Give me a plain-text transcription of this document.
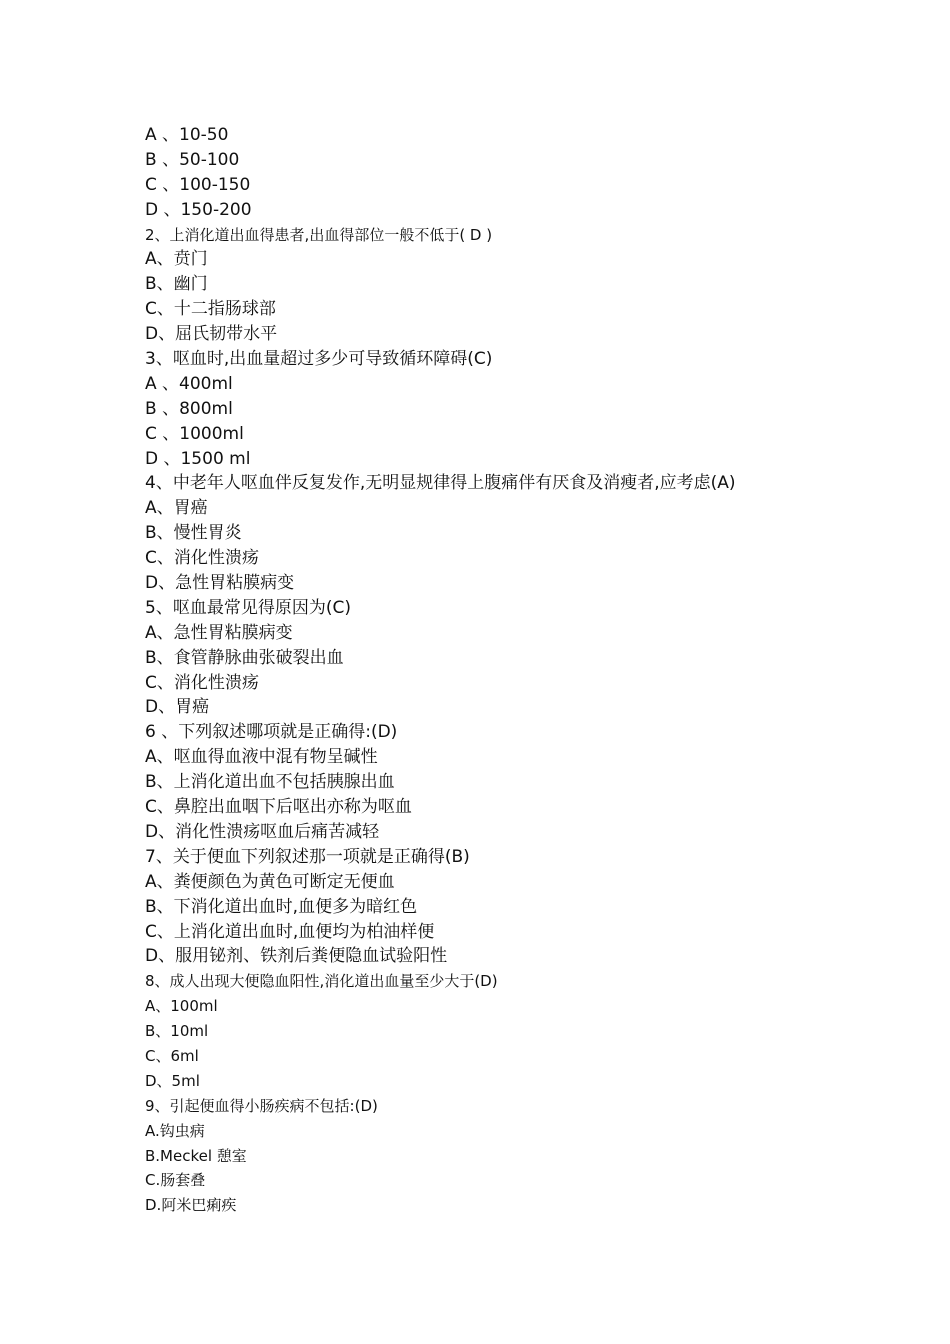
A 、10-50
B 、50-100
C 、100-150
D 、150-200
2、上消化道出血得患者,出血得部位一般不低于( D )
A、贲门
B、幽门
C、十二指肠球部
D、屈氏韧带水平
3、呕血时,出血量超过多少可导致循环障碍(C)
A 、400ml
B 、800ml
C 、1000ml
D 、1500 ml
4、中老年人呕血伴反复发作,无明显规律得上腹痛伴有厌食及消瘦者,应考虑(A)
A、胃癌
B、慢性胃炎
C、消化性溃疡
D、急性胃粘膜病变
5、呕血最常见得原因为(C)
A、急性胃粘膜病变
B、食管静脉曲张破裂出血
C、消化性溃疡
D、胃癌
6 、下列叙述哪项就是正确得:(D)
A、呕血得血液中混有物呈碱性
B、上消化道出血不包括胰腺出血
C、鼻腔出血咽下后呕出亦称为呕血
D、消化性溃疡呕血后痛苦减轻
7、关于便血下列叙述那一项就是正确得(B)
A、粪便颜色为黄色可断定无便血
B、下消化道出血时,血便多为暗红色
C、上消化道出血时,血便均为柏油样便
D、服用铋剂、铁剂后粪便隐血试验阳性
8、成人出现大便隐血阳性,消化道出血量至少大于(D)
A、100ml
B、10ml
C、6ml
D、5ml
9、引起便血得小肠疾病不包括:(D)
A.钩虫病
B.Meckel 憩室
C.肠套叠
D.阿米巴痢疾
